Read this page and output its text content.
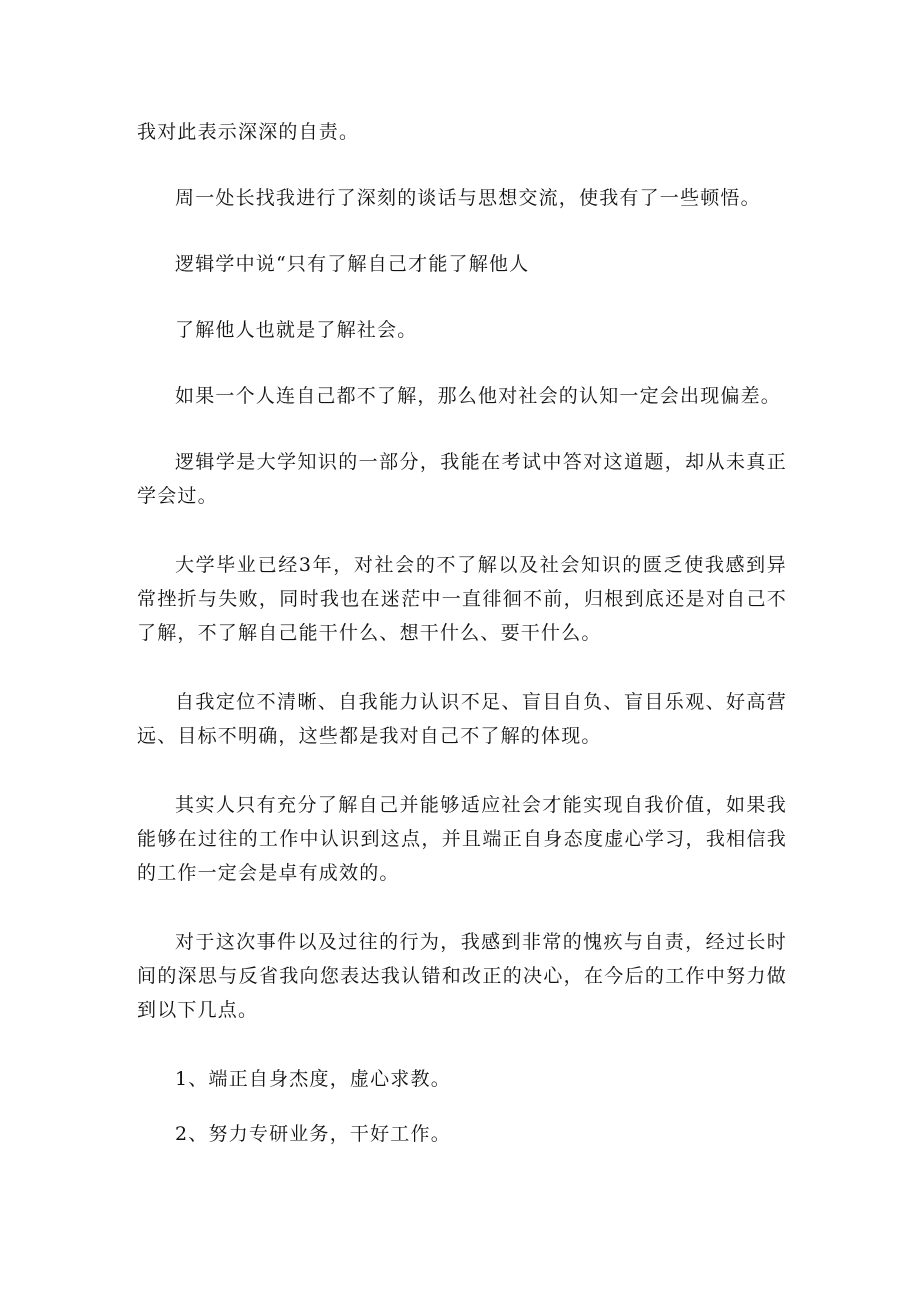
我对此表示深深的自责。

周一处长找我进行了深刻的谈话与思想交流，使我有了一些顿悟。

逻辑学中说“只有了解自己才能了解他人

了解他人也就是了解社会。

如果一个人连自己都不了解，那么他对社会的认知一定会出现偏差。

逻辑学是大学知识的一部分，我能在考试中答对这道题，却从未真正学会过。

大学毕业已经3年，对社会的不了解以及社会知识的匮乏使我感到异常挫折与失败，同时我也在迷茫中一直徘徊不前，归根到底还是对自己不了解，不了解自己能干什么、想干什么、要干什么。

自我定位不清晰、自我能力认识不足、盲目自负、盲目乐观、好高营远、目标不明确，这些都是我对自己不了解的体现。

其实人只有充分了解自己并能够适应社会才能实现自我价值，如果我能够在过往的工作中认识到这点，并且端正自身态度虚心学习，我相信我的工作一定会是卓有成效的。

对于这次事件以及过往的行为，我感到非常的愧疚与自责，经过长时间的深思与反省我向您表达我认错和改正的决心，在今后的工作中努力做到以下几点。

1、端正自身杰度，虚心求教。

2、努力专研业务，干好工作。
